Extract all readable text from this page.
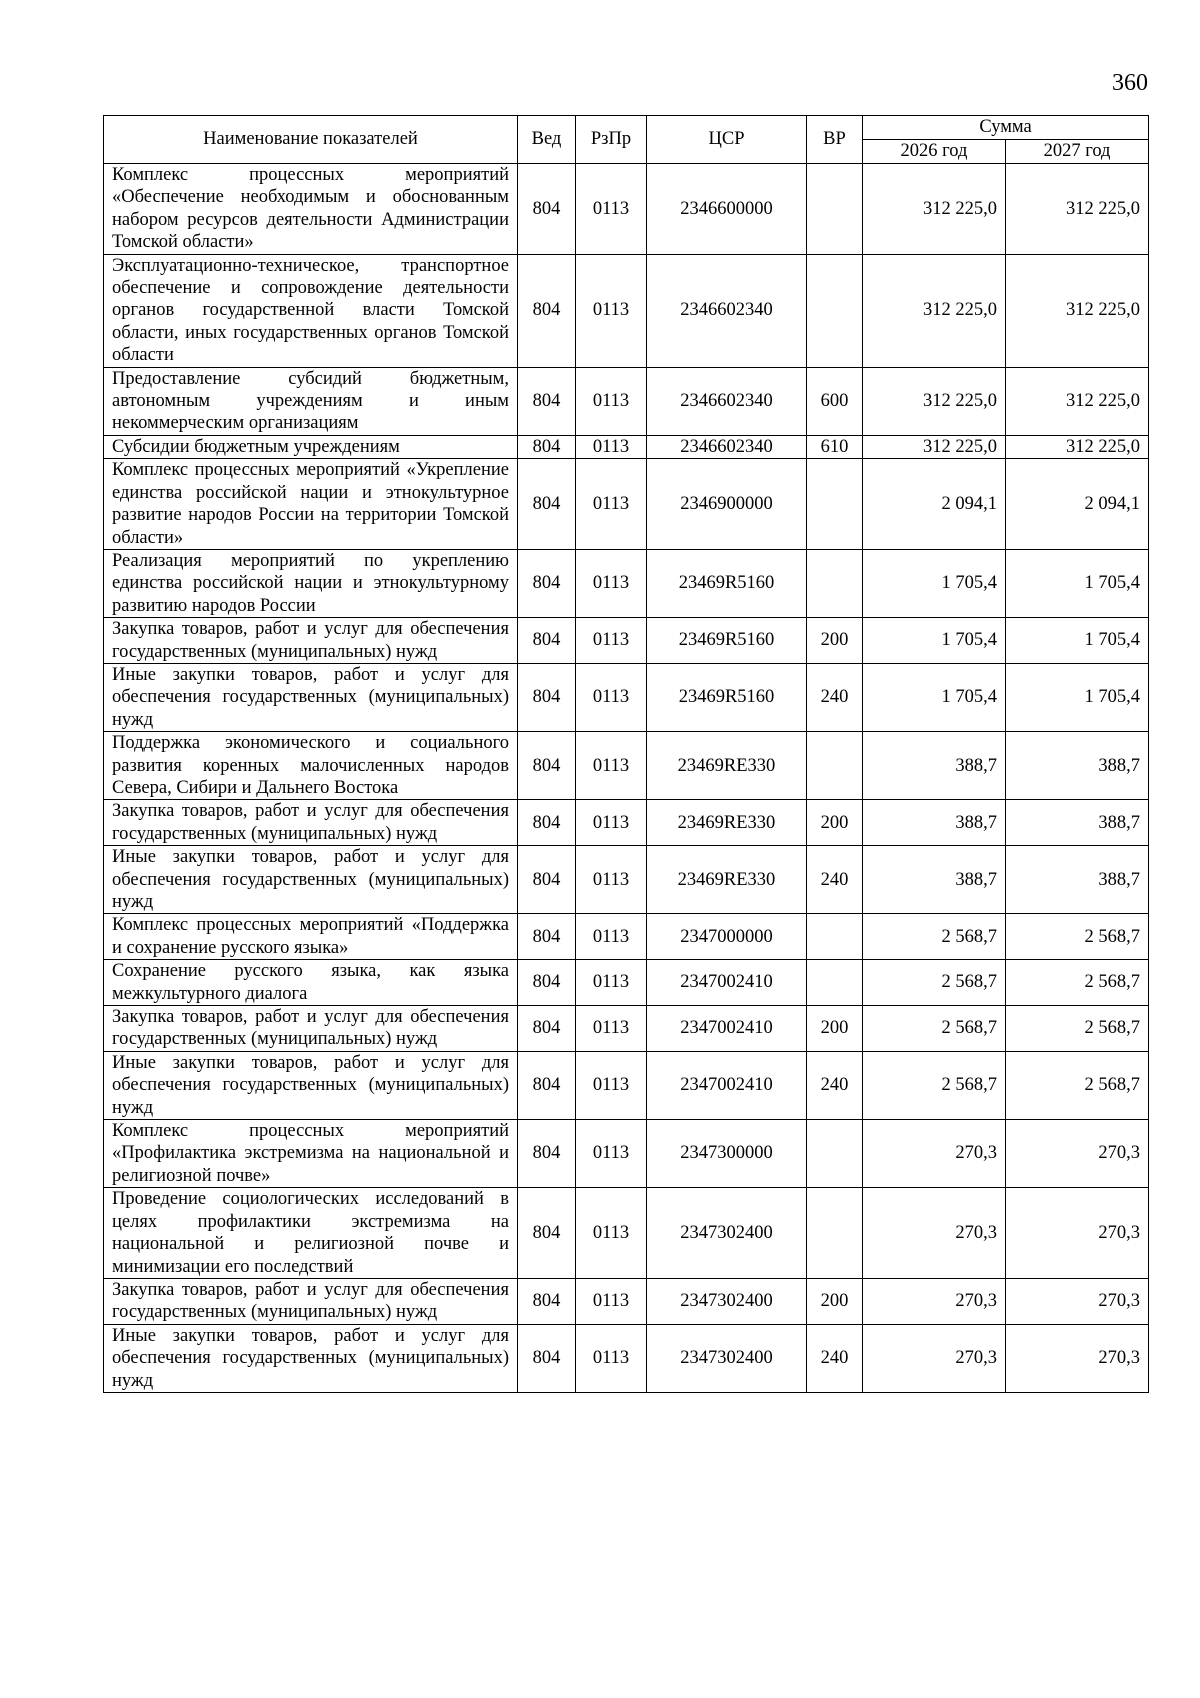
360
Наименование показателей	Вед	РзПр	ЦСР	ВР	Сумма	
					2026 год	2027 год
Комплекс процессных мероприятий «Обеспечение необходимым и обоснованным набором ресурсов деятельности Администрации Томской области»	804	0113	2346600000		312 225,0	312 225,0
Эксплуатационно-техническое, транспортное обеспечение и сопровождение деятельности органов государственной власти Томской области, иных государственных органов Томской области	804	0113	2346602340		312 225,0	312 225,0
Предоставление субсидий бюджетным, автономным учреждениям и иным некоммерческим организациям	804	0113	2346602340	600	312 225,0	312 225,0
Субсидии бюджетным учреждениям	804	0113	2346602340	610	312 225,0	312 225,0
Комплекс процессных мероприятий «Укрепление единства российской нации и этнокультурное развитие народов России на территории Томской области»	804	0113	2346900000		2 094,1	2 094,1
Реализация мероприятий по укреплению единства российской нации и этнокультурному развитию народов России	804	0113	23469R5160		1 705,4	1 705,4
Закупка товаров, работ и услуг для обеспечения государственных (муниципальных) нужд	804	0113	23469R5160	200	1 705,4	1 705,4
Иные закупки товаров, работ и услуг для обеспечения государственных (муниципальных) нужд	804	0113	23469R5160	240	1 705,4	1 705,4
Поддержка экономического и социального развития коренных малочисленных народов Севера, Сибири и Дальнего Востока	804	0113	23469RE330		388,7	388,7
Закупка товаров, работ и услуг для обеспечения государственных (муниципальных) нужд	804	0113	23469RE330	200	388,7	388,7
Иные закупки товаров, работ и услуг для обеспечения государственных (муниципальных) нужд	804	0113	23469RE330	240	388,7	388,7
Комплекс процессных мероприятий «Поддержка и сохранение русского языка»	804	0113	2347000000		2 568,7	2 568,7
Сохранение русского языка, как языка межкультурного диалога	804	0113	2347002410		2 568,7	2 568,7
Закупка товаров, работ и услуг для обеспечения государственных (муниципальных) нужд	804	0113	2347002410	200	2 568,7	2 568,7
Иные закупки товаров, работ и услуг для обеспечения государственных (муниципальных) нужд	804	0113	2347002410	240	2 568,7	2 568,7
Комплекс процессных мероприятий «Профилактика экстремизма на национальной и религиозной почве»	804	0113	2347300000		270,3	270,3
Проведение социологических исследований в целях профилактики экстремизма на национальной и религиозной почве и минимизации его последствий	804	0113	2347302400		270,3	270,3
Закупка товаров, работ и услуг для обеспечения государственных (муниципальных) нужд	804	0113	2347302400	200	270,3	270,3
Иные закупки товаров, работ и услуг для обеспечения государственных (муниципальных) нужд	804	0113	2347302400	240	270,3	270,3
